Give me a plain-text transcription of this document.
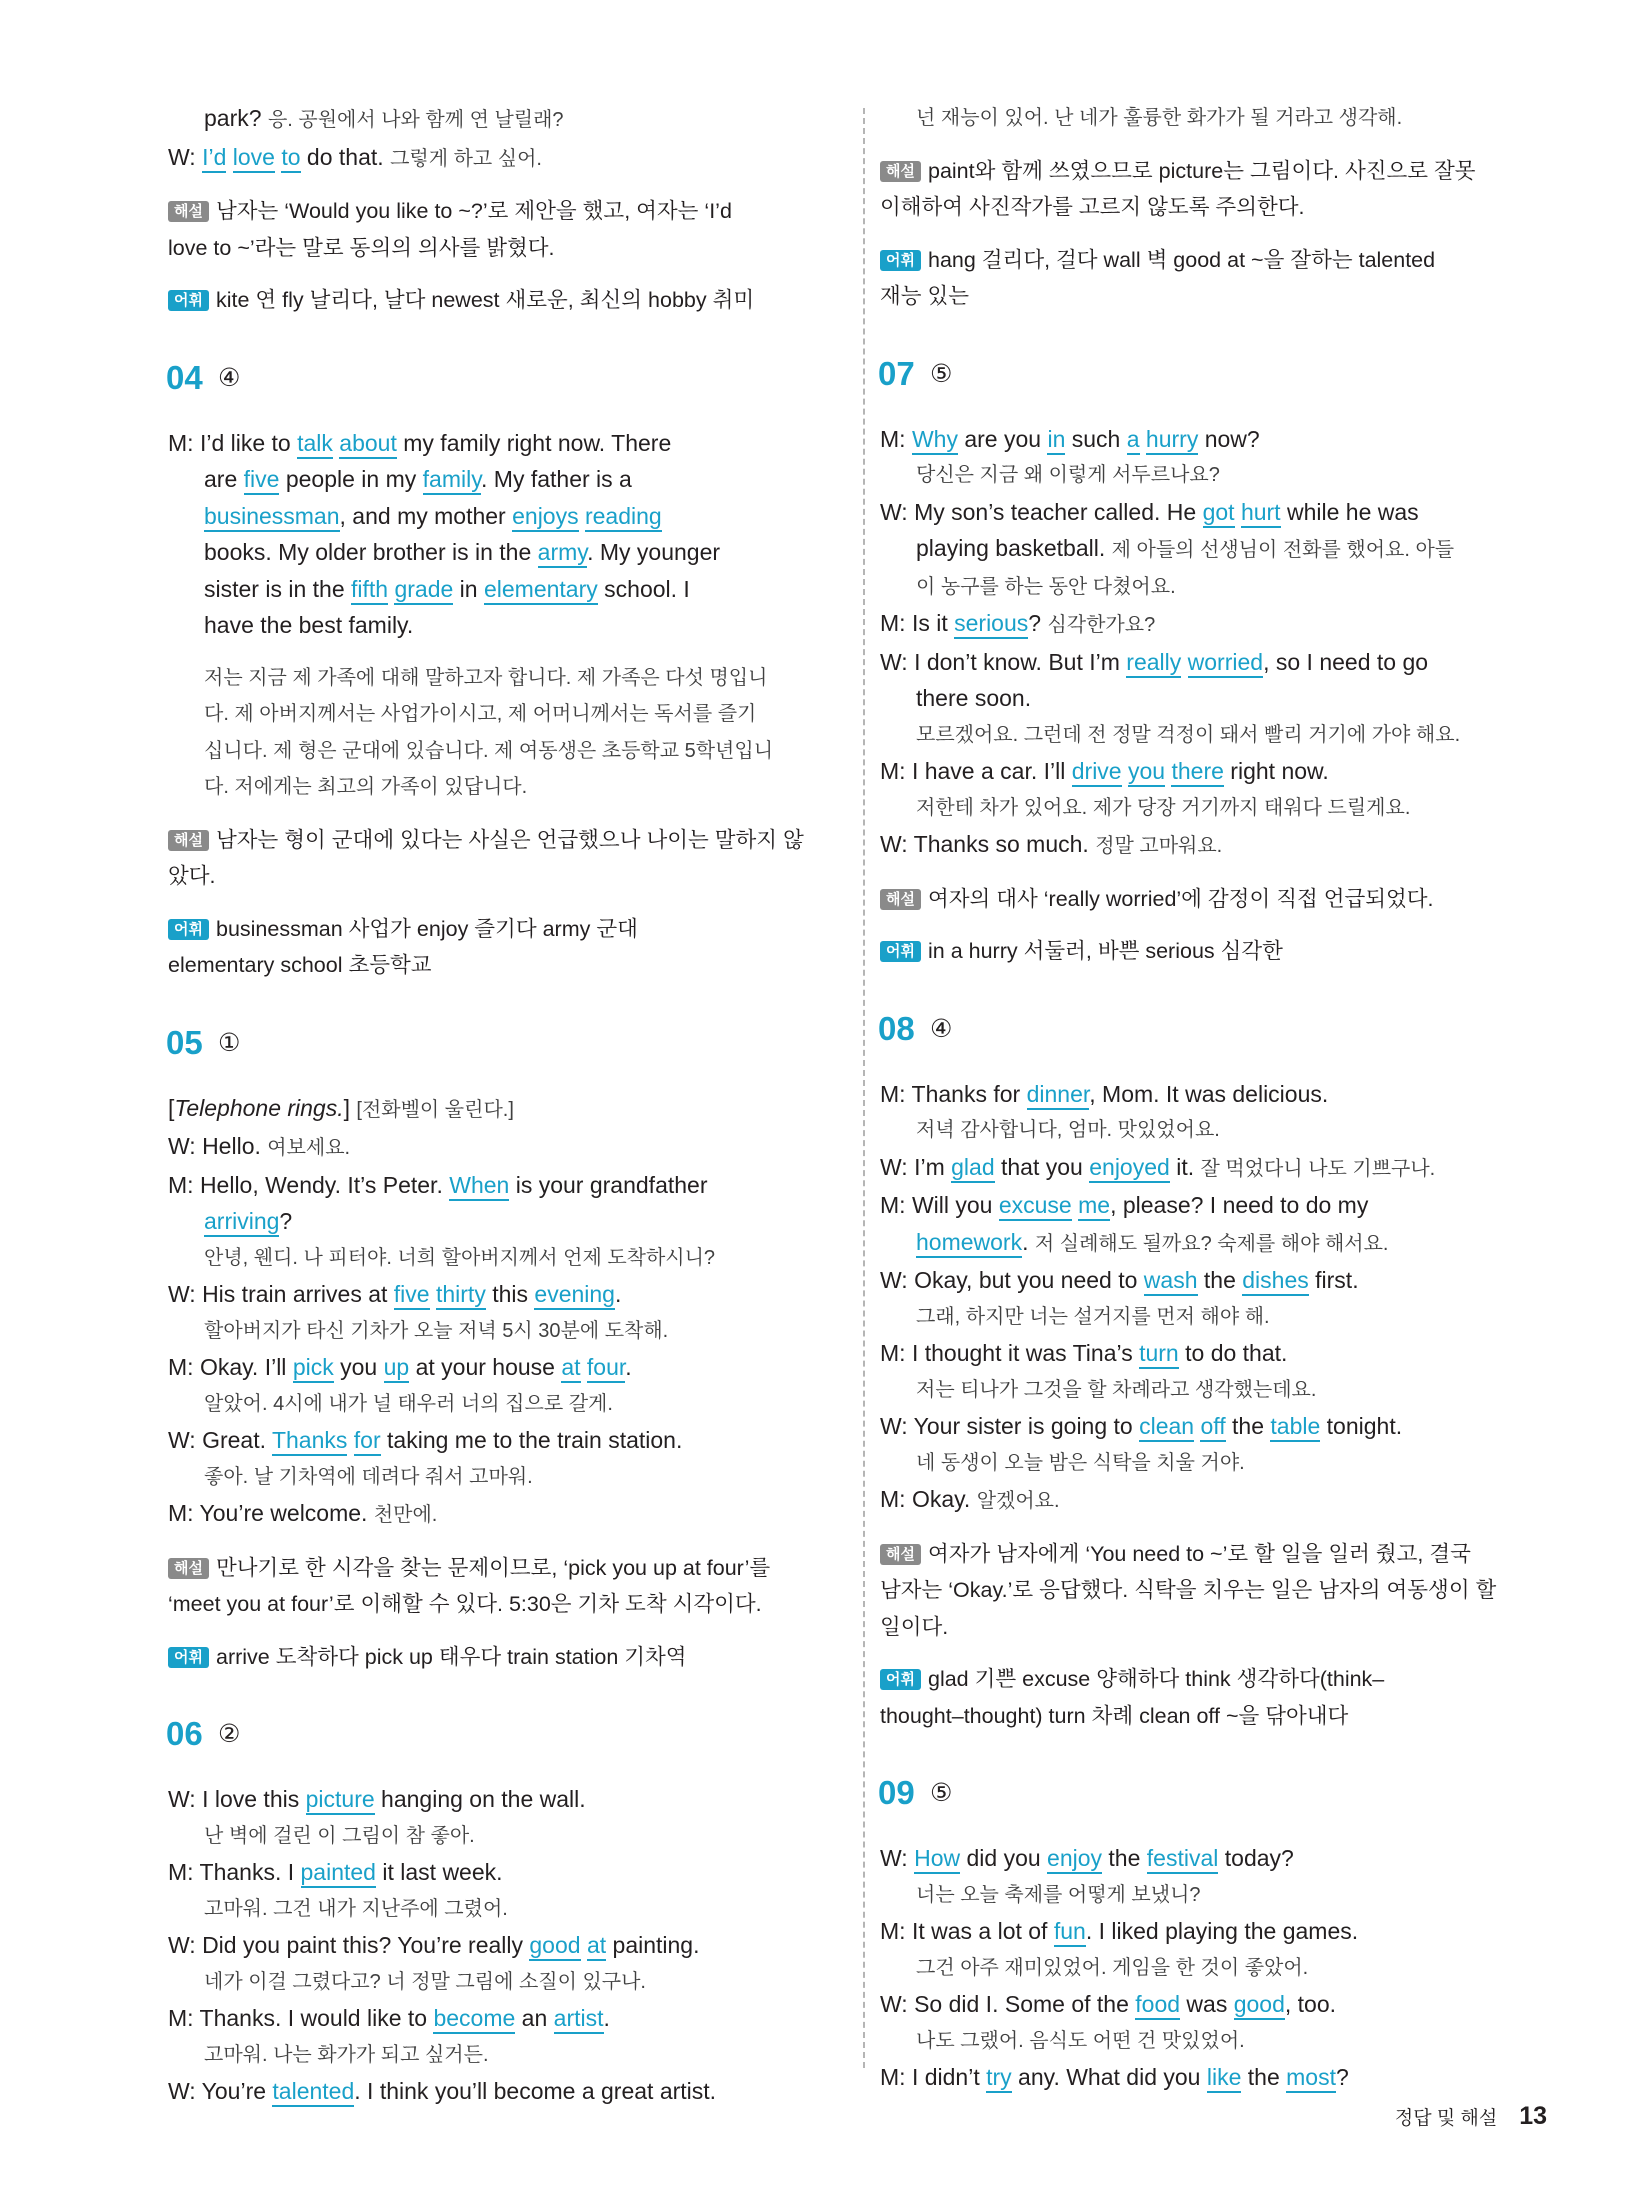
park? 응. 공원에서 나와 함께 연 날릴래?
W: I’d love to do that. 그렇게 하고 싶어.
해설 남자는 ‘Would you like to ~?’로 제안을 했고, 여자는 ‘I’d
love to ~’라는 말로 동의의 의사를 밝혔다.
어휘 kite 연 fly 날리다, 날다 newest 새로운, 최신의 hobby 취미
04 ④
M: I’d like to talk about my family right now. There
are five people in my family. My father is a
businessman, and my mother enjoys reading
books. My older brother is in the army. My younger
sister is in the fifth grade in elementary school. I
have the best family.
저는 지금 제 가족에 대해 말하고자 합니다. 제 가족은 다섯 명입니
다. 제 아버지께서는 사업가이시고, 제 어머니께서는 독서를 즐기
십니다. 제 형은 군대에 있습니다. 제 여동생은 초등학교 5학년입니
다. 저에게는 최고의 가족이 있답니다.
해설 남자는 형이 군대에 있다는 사실은 언급했으나 나이는 말하지 않
았다.
어휘 businessman 사업가 enjoy 즐기다 army 군대
elementary school 초등학교
05 ①
[Telephone rings.] [전화벨이 울린다.]
W: Hello. 여보세요.
M: Hello, Wendy. It’s Peter. When is your grandfather
arriving?
안녕, 웬디. 나 피터야. 너희 할아버지께서 언제 도착하시니?
W: His train arrives at five thirty this evening.
할아버지가 타신 기차가 오늘 저녁 5시 30분에 도착해.
M: Okay. I’ll pick you up at your house at four.
알았어. 4시에 내가 널 태우러 너의 집으로 갈게.
W: Great. Thanks for taking me to the train station.
좋아. 날 기차역에 데려다 줘서 고마워.
M: You’re welcome. 천만에.
해설 만나기로 한 시각을 찾는 문제이므로, ‘pick you up at four’를
‘meet you at four’로 이해할 수 있다. 5:30은 기차 도착 시각이다.
어휘 arrive 도착하다 pick up 태우다 train station 기차역
06 ②
W: I love this picture hanging on the wall.
난 벽에 걸린 이 그림이 참 좋아.
M: Thanks. I painted it last week.
고마워. 그건 내가 지난주에 그렸어.
W: Did you paint this? You’re really good at painting.
네가 이걸 그렸다고? 너 정말 그림에 소질이 있구나.
M: Thanks. I would like to become an artist.
고마워. 나는 화가가 되고 싶거든.
W: You’re talented. I think you’ll become a great artist.
넌 재능이 있어. 난 네가 훌륭한 화가가 될 거라고 생각해.
해설 paint와 함께 쓰였으므로 picture는 그림이다. 사진으로 잘못
이해하여 사진작가를 고르지 않도록 주의한다.
어휘 hang 걸리다, 걸다 wall 벽 good at ~을 잘하는 talented
재능 있는
07 ⑤
M: Why are you in such a hurry now?
당신은 지금 왜 이렇게 서두르나요?
W: My son’s teacher called. He got hurt while he was
playing basketball. 제 아들의 선생님이 전화를 했어요. 아들
이 농구를 하는 동안 다쳤어요.
M: Is it serious? 심각한가요?
W: I don’t know. But I’m really worried, so I need to go
there soon.
모르겠어요. 그런데 전 정말 걱정이 돼서 빨리 거기에 가야 해요.
M: I have a car. I’ll drive you there right now.
저한테 차가 있어요. 제가 당장 거기까지 태워다 드릴게요.
W: Thanks so much. 정말 고마워요.
해설 여자의 대사 ‘really worried’에 감정이 직접 언급되었다.
어휘 in a hurry 서둘러, 바쁜 serious 심각한
08 ④
M: Thanks for dinner, Mom. It was delicious.
저녁 감사합니다, 엄마. 맛있었어요.
W: I’m glad that you enjoyed it. 잘 먹었다니 나도 기쁘구나.
M: Will you excuse me, please? I need to do my
homework. 저 실례해도 될까요? 숙제를 해야 해서요.
W: Okay, but you need to wash the dishes first.
그래, 하지만 너는 설거지를 먼저 해야 해.
M: I thought it was Tina’s turn to do that.
저는 티나가 그것을 할 차례라고 생각했는데요.
W: Your sister is going to clean off the table tonight.
네 동생이 오늘 밤은 식탁을 치울 거야.
M: Okay. 알겠어요.
해설 여자가 남자에게 ‘You need to ~’로 할 일을 일러 줬고, 결국
남자는 ‘Okay.’로 응답했다. 식탁을 치우는 일은 남자의 여동생이 할
일이다.
어휘 glad 기쁜 excuse 양해하다 think 생각하다(think–
thought–thought) turn 차례 clean off ~을 닦아내다
09 ⑤
W: How did you enjoy the festival today?
너는 오늘 축제를 어떻게 보냈니?
M: It was a lot of fun. I liked playing the games.
그건 아주 재미있었어. 게임을 한 것이 좋았어.
W: So did I. Some of the food was good, too.
나도 그랬어. 음식도 어떤 건 맛있었어.
M: I didn’t try any. What did you like the most?
정답 및 해설 13
